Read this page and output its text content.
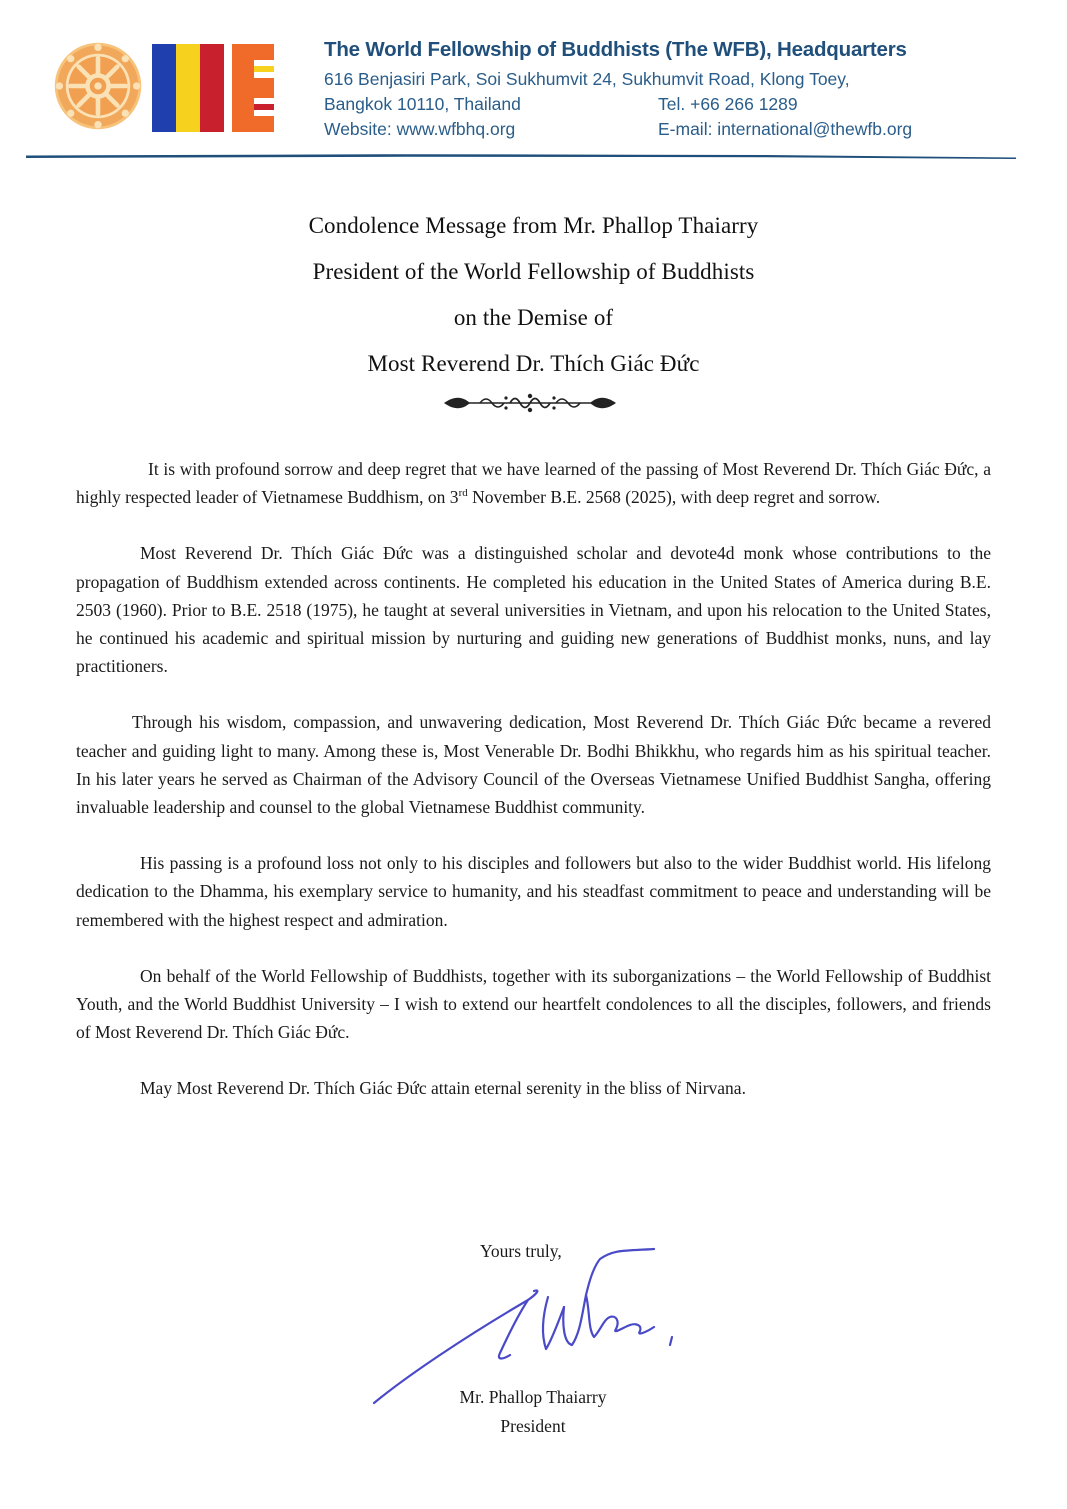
The World Fellowship of Buddhists (The WFB), Headquarters
616 Benjasiri Park, Soi Sukhumvit 24, Sukhumvit Road, Klong Toey,
Bangkok 10110, Thailand	Tel. +66 266 1289
Website: www.wfbhq.org	E-mail: international@thewfb.org
Condolence Message from Mr. Phallop Thaiarry
President of the World Fellowship of Buddhists
on the Demise of
Most Reverend Dr. Thích Giác Đức

It is with profound sorrow and deep regret that we have learned of the passing of Most Reverend Dr. Thích Giác Đức, a highly respected leader of Vietnamese Buddhism, on 3rd November B.E. 2568 (2025), with deep regret and sorrow.

Most Reverend Dr. Thích Giác Đức was a distinguished scholar and devote4d monk whose contributions to the propagation of Buddhism extended across continents. He completed his education in the United States of America during B.E. 2503 (1960). Prior to B.E. 2518 (1975), he taught at several universities in Vietnam, and upon his relocation to the United States, he continued his academic and spiritual mission by nurturing and guiding new generations of Buddhist monks, nuns, and lay practitioners.

Through his wisdom, compassion, and unwavering dedication, Most Reverend Dr. Thích Giác Đức became a revered teacher and guiding light to many. Among these is, Most Venerable Dr. Bodhi Bhikkhu, who regards him as his spiritual teacher. In his later years he served as Chairman of the Advisory Council of the Overseas Vietnamese Unified Buddhist Sangha, offering invaluable leadership and counsel to the global Vietnamese Buddhist community.

His passing is a profound loss not only to his disciples and followers but also to the wider Buddhist world. His lifelong dedication to the Dhamma, his exemplary service to humanity, and his steadfast commitment to peace and understanding will be remembered with the highest respect and admiration.

On behalf of the World Fellowship of Buddhists, together with its suborganizations – the World Fellowship of Buddhist Youth, and the World Buddhist University – I wish to extend our heartfelt condolences to all the disciples, followers, and friends of Most Reverend Dr. Thích Giác Đức.

May Most Reverend Dr. Thích Giác Đức attain eternal serenity in the bliss of Nirvana.

Yours truly,
Mr. Phallop Thaiarry
President
